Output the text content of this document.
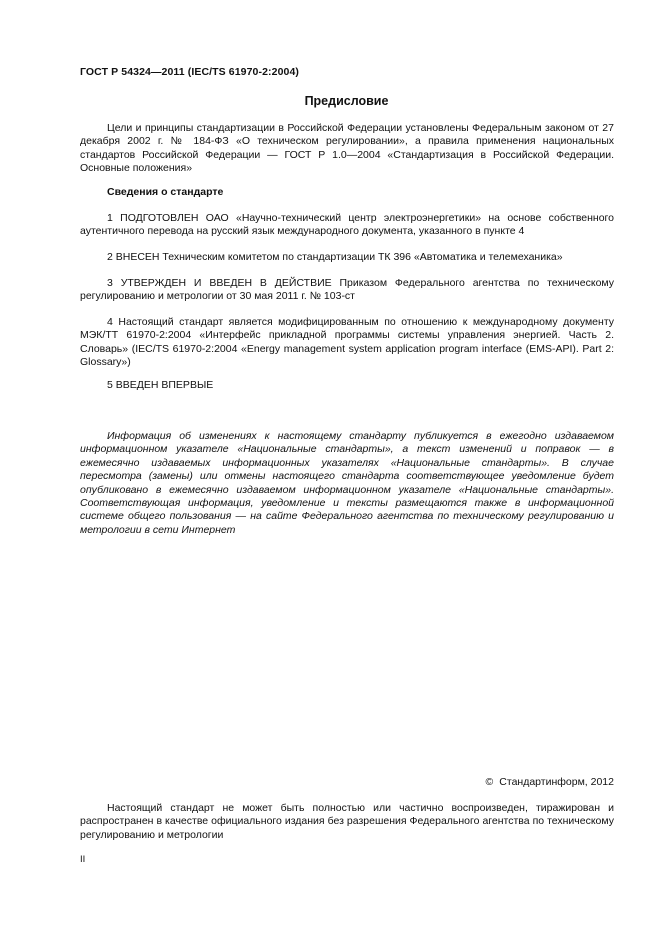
ГОСТ Р 54324—2011 (IEC/TS 61970-2:2004)
Предисловие
Цели и принципы стандартизации в Российской Федерации установлены Федеральным законом от 27 декабря 2002 г. № 184-ФЗ «О техническом регулировании», а правила применения национальных стандартов Российской Федерации — ГОСТ Р 1.0—2004 «Стандартизация в Российской Федерации. Основные положения»
Сведения о стандарте
1 ПОДГОТОВЛЕН ОАО «Научно-технический центр электроэнергетики» на основе собственного аутентичного перевода на русский язык международного документа, указанного в пункте 4
2 ВНЕСЕН Техническим комитетом по стандартизации ТК 396 «Автоматика и телемеханика»
3 УТВЕРЖДЕН И ВВЕДЕН В ДЕЙСТВИЕ Приказом Федерального агентства по техническому регулированию и метрологии от 30 мая 2011 г. № 103-ст
4 Настоящий стандарт является модифицированным по отношению к международному документу МЭК/ТТ 61970-2:2004 «Интерфейс прикладной программы системы управления энергией. Часть 2. Словарь» (IEC/TS 61970-2:2004 «Energy management system application program interface (EMS-API). Part 2: Glossary»)
5 ВВЕДЕН ВПЕРВЫЕ
Информация об изменениях к настоящему стандарту публикуется в ежегодно издаваемом информационном указателе «Национальные стандарты», а текст изменений и поправок — в ежемесячно издаваемых информационных указателях «Национальные стандарты». В случае пересмотра (замены) или отмены настоящего стандарта соответствующее уведомление будет опубликовано в ежемесячно издаваемом информационном указателе «Национальные стандарты». Соответствующая информация, уведомление и тексты размещаются также в информационной системе общего пользования — на сайте Федерального агентства по техническому регулированию и метрологии в сети Интернет
© Стандартинформ, 2012
Настоящий стандарт не может быть полностью или частично воспроизведен, тиражирован и распространен в качестве официального издания без разрешения Федерального агентства по техническому регулированию и метрологии
II
